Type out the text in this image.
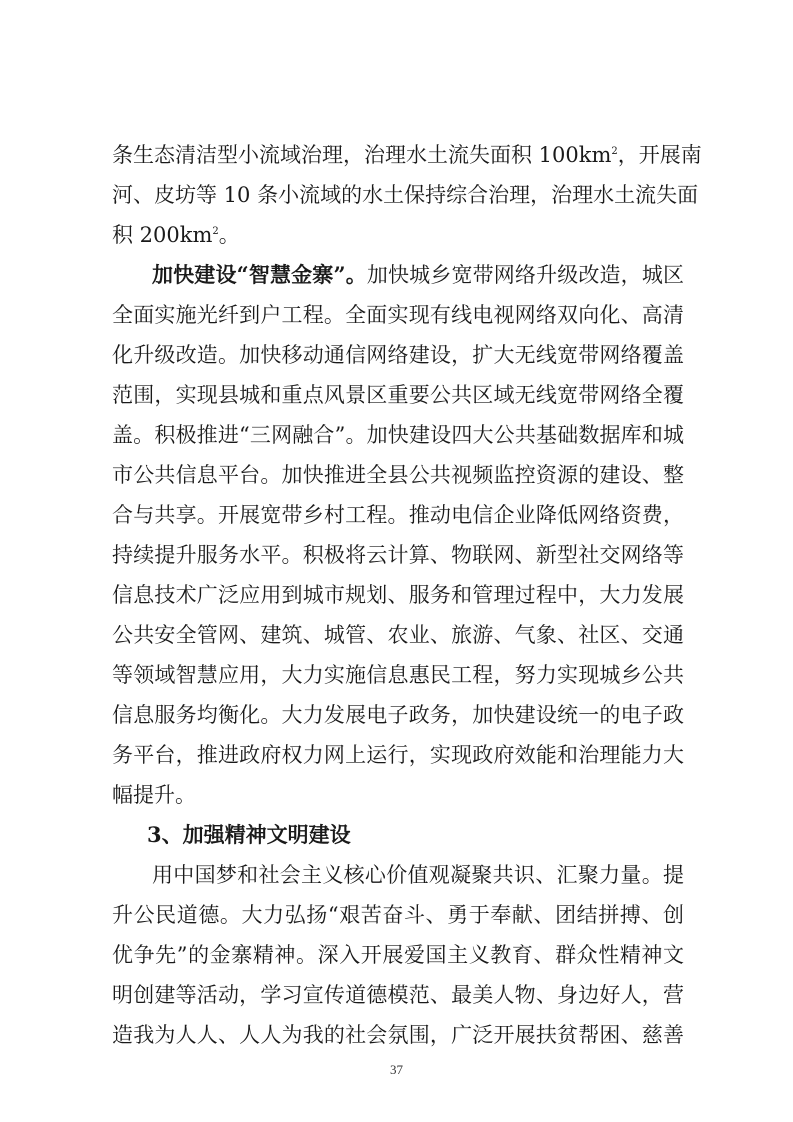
条生态清洁型小流域治理，治理水土流失面积 $100km^2$，开展南
河、皮坊等 10 条小流域的水土保持综合治理，治理水土流失面
积 $200km^2$。
加快建设“智慧金寨”。加快城乡宽带网络升级改造，城区
全面实施光纤到户工程。全面实现有线电视网络双向化、高清
化升级改造。加快移动通信网络建设，扩大无线宽带网络覆盖
范围，实现县城和重点风景区重要公共区域无线宽带网络全覆
盖。积极推进“三网融合”。加快建设四大公共基础数据库和城
市公共信息平台。加快推进全县公共视频监控资源的建设、整
合与共享。开展宽带乡村工程。推动电信企业降低网络资费，
持续提升服务水平。积极将云计算、物联网、新型社交网络等
信息技术广泛应用到城市规划、服务和管理过程中，大力发展
公共安全管网、建筑、城管、农业、旅游、气象、社区、交通
等领域智慧应用，大力实施信息惠民工程，努力实现城乡公共
信息服务均衡化。大力发展电子政务，加快建设统一的电子政
务平台，推进政府权力网上运行，实现政府效能和治理能力大
幅提升。
3、加强精神文明建设
用中国梦和社会主义核心价值观凝聚共识、汇聚力量。提
升公民道德。大力弘扬“艰苦奋斗、勇于奉献、团结拼搏、创
优争先”的金寨精神。深入开展爱国主义教育、群众性精神文
明创建等活动，学习宣传道德模范、最美人物、身边好人，营
造我为人人、人人为我的社会氛围，广泛开展扶贫帮困、慈善
37
